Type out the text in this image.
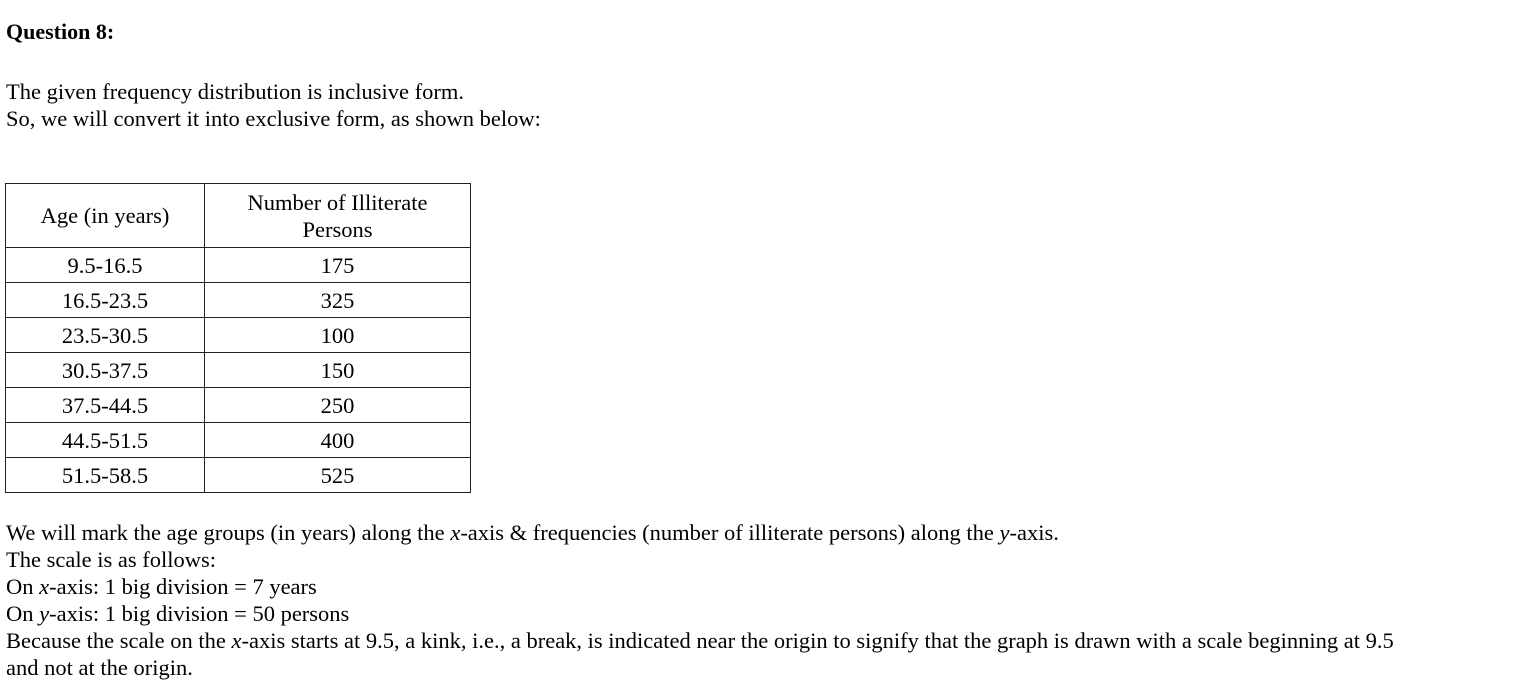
Question 8:
The given frequency distribution is inclusive form.
So, we will convert it into exclusive form, as shown below:
Age (in years)	Number of Illiterate
Persons
9.5-16.5	175
16.5-23.5	325
23.5-30.5	100
30.5-37.5	150
37.5-44.5	250
44.5-51.5	400
51.5-58.5	525
We will mark the age groups (in years) along the x-axis & frequencies (number of illiterate persons) along the y-axis.
The scale is as follows:
On x-axis: 1 big division = 7 years
On y-axis: 1 big division = 50 persons
Because the scale on the x-axis starts at 9.5, a kink, i.e., a break, is indicated near the origin to signify that the graph is drawn with a scale beginning at 9.5
and not at the origin.
